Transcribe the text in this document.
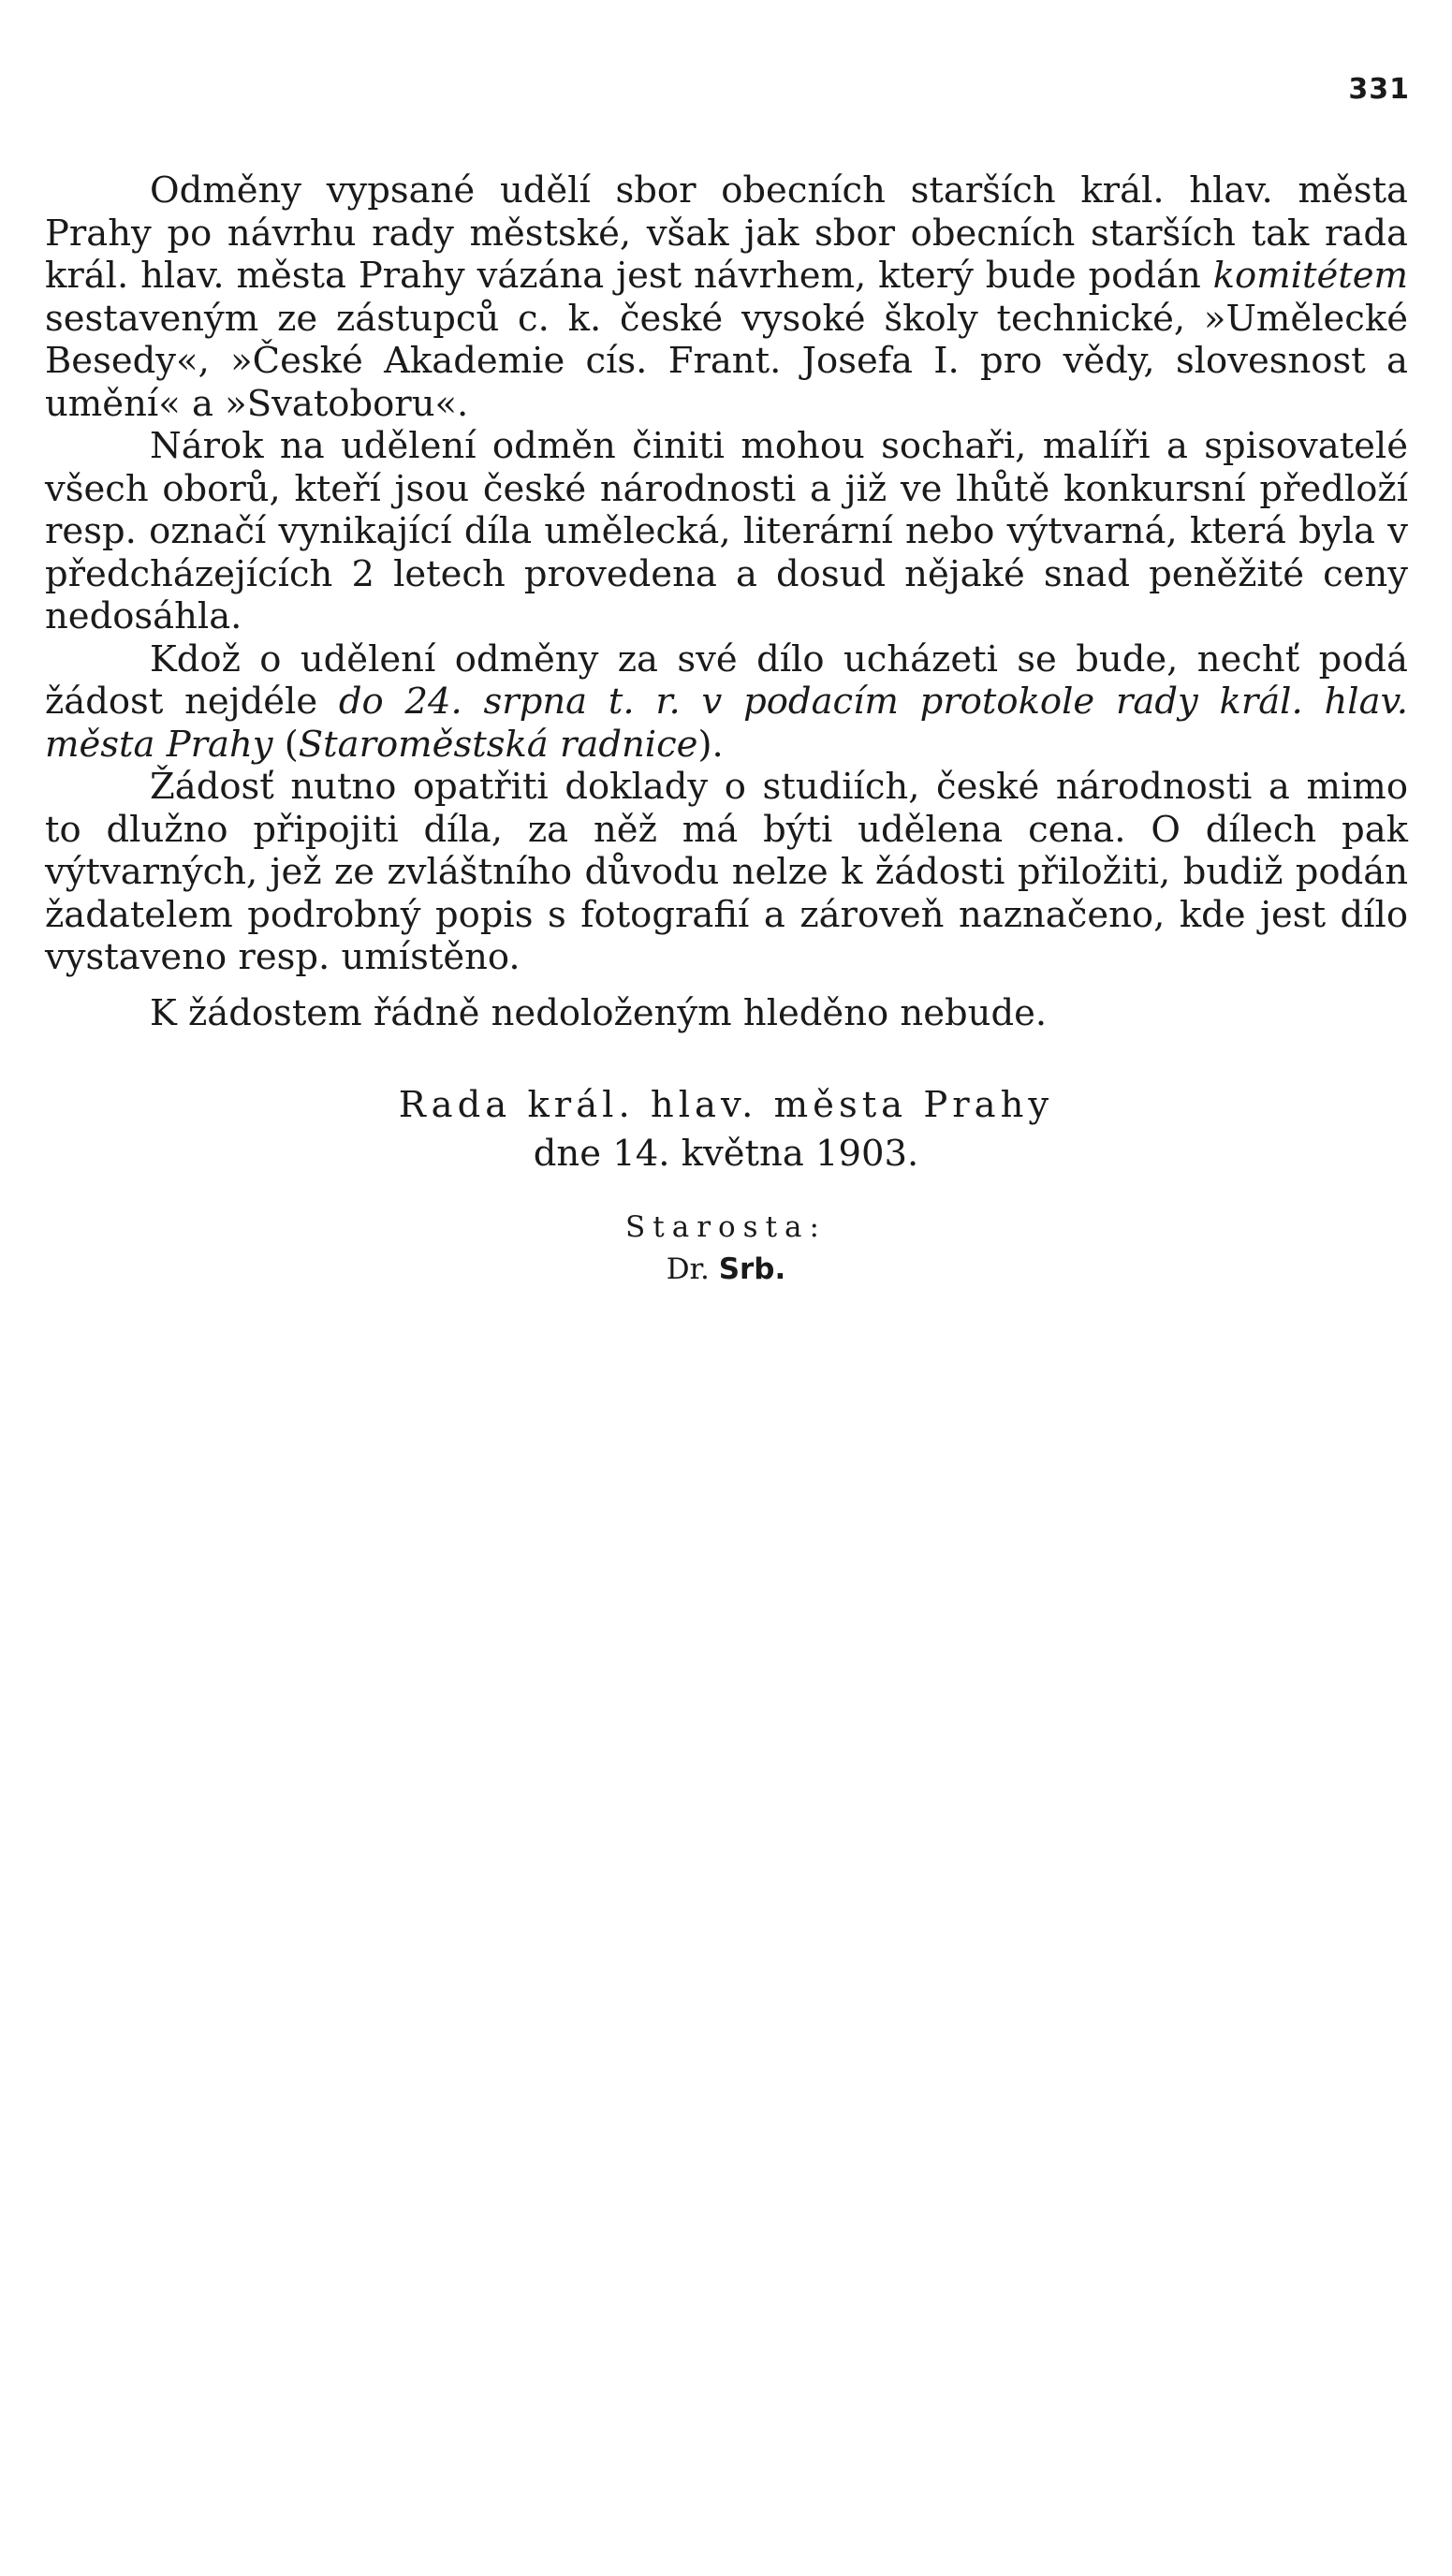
331

Odměny vypsané udělí sbor obecních starších král. hlav. města Prahy po návrhu rady městské, však jak sbor obecních starších tak rada král. hlav. města Prahy vázána jest návrhem, který bude podán komitétem sestaveným ze zástupců c. k. české vysoké školy technické, »Umělecké Besedy«, »České Akademie cís. Frant. Josefa I. pro vědy, slovesnost a umění« a »Svatoboru«.

Nárok na udělení odměn činiti mohou sochaři, malíři a spisovatelé všech oborů, kteří jsou české národnosti a již ve lhůtě konkursní předloží resp. označí vynikající díla umělecká, literární nebo výtvarná, která byla v předcházejících 2 letech provedena a dosud nějaké snad peněžité ceny nedosáhla.

Kdož o udělení odměny za své dílo ucházeti se bude, nechť podá žádost nejdéle do 24. srpna t. r. v podacím protokole rady král. hlav. města Prahy (Staroměstská radnice).

Žádosť nutno opatřiti doklady o studiích, české národnosti a mimo to dlužno připojiti díla, za něž má býti udělena cena. O dílech pak výtvarných, jež ze zvláštního důvodu nelze k žádosti přiložiti, budiž podán žadatelem podrobný popis s fotografií a zároveň naznačeno, kde jest dílo vystaveno resp. umístěno.

K žádostem řádně nedoloženým hleděno nebude.
Rada král. hlav. města Prahy
dne 14. května 1903.
Starosta:
Dr. Srb.
